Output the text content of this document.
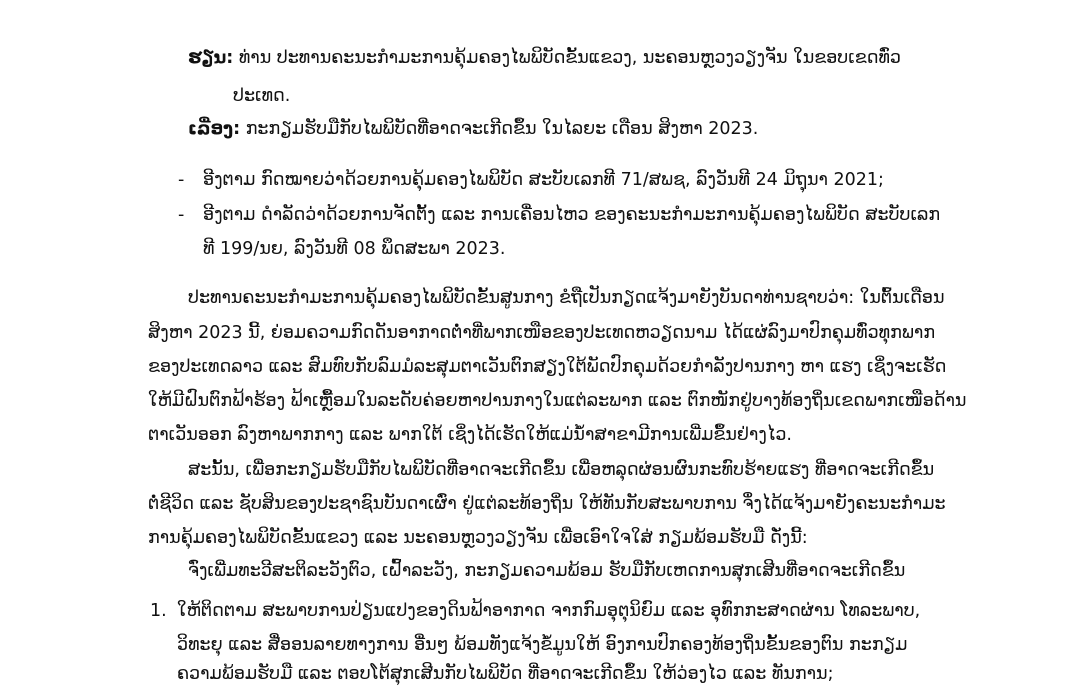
ຮຽນ: ທ່ານ ປະທານຄະນະກຳມະການຄຸ້ມຄອງໄພພິບັດຂັ້ນແຂວງ, ນະຄອນຫຼວງວຽງຈັນ ໃນຂອບເຂດທົ່ວ
ປະເທດ.
ເລື່ອງ: ກະກຽມຮັບມືກັບໄພພິບັດທີ່ອາດຈະເກີດຂຶ້ນ ໃນໄລຍະ ເດືອນ ສິງຫາ 2023.
- ອີງຕາມ ກົດໝາຍວ່າດ້ວຍການຄຸ້ມຄອງໄພພິບັດ ສະບັບເລກທີ 71/ສພຊ, ລົງວັນທີ 24 ມິຖຸນາ 2021;
- ອີງຕາມ ດຳລັດວ່າດ້ວຍການຈັດຕັ້ງ ແລະ ການເຄື່ອນໄຫວ ຂອງຄະນະກຳມະການຄຸ້ມຄອງໄພພິບັດ ສະບັບເລກ
ທີ 199/ນຍ, ລົງວັນທີ 08 ພຶດສະພາ 2023.
ປະທານຄະນະກຳມະການຄຸ້ມຄອງໄພພິບັດຂັ້ນສູນກາງ ຂໍຖືເປັນກຽດແຈ້ງມາຍັງບັນດາທ່ານຊາບວ່າ: ໃນຕົ້ນເດືອນ
ສິງຫາ 2023 ນີ້, ຍ່ອມຄວາມກົດດັນອາກາດຕໍ່າທີ່ພາກເໜືອຂອງປະເທດຫວຽດນາມ ໄດ້ແຜ່ລົງມາປົກຄຸມທົ່ວທຸກພາກ
ຂອງປະເທດລາວ ແລະ ສົມທົບກັບລົມມໍລະສຸມຕາເວັນຕົກສຽງໃຕ້ພັດປົກຄຸມດ້ວຍກຳລັງປານກາງ ຫາ ແຮງ ເຊິ່ງຈະເຮັດ
ໃຫ້ມີຝົນຕົກຟ້າຮ້ອງ ຟ້າເຫຼື້ອມໃນລະດັບຄ່ອຍຫາປານກາງໃນແຕ່ລະພາກ ແລະ ຕົກໜັກຢູ່ບາງທ້ອງຖິ່ນເຂດພາກເໜືອດ້ານ
ຕາເວັນອອກ ລົງຫາພາກກາງ ແລະ ພາກໃຕ້ ເຊິ່ງໄດ້ເຮັດໃຫ້ແມ່ນ້ຳສາຂາມີການເພີ່ມຂຶ້ນຢ່າງໄວ.
ສະນັ້ນ, ເພື່ອກະກຽມຮັບມືກັບໄພພິບັດທີ່ອາດຈະເກີດຂຶ້ນ ເພື່ອຫລຸດຜ່ອນຜົນກະທົບຮ້າຍແຮງ ທີ່ອາດຈະເກີດຂຶ້ນ
ຕໍ່ຊີວິດ ແລະ ຊັບສິນຂອງປະຊາຊົນບັນດາເຜົ່າ ຢູ່ແຕ່ລະທ້ອງຖິ່ນ ໃຫ້ທັນກັບສະພາບການ ຈຶ່ງໄດ້ແຈ້ງມາຍັງຄະນະກຳມະ
ການຄຸ້ມຄອງໄພພິບັດຂັ້ນແຂວງ ແລະ ນະຄອນຫຼວງວຽງຈັນ ເພື່ອເອົາໃຈໃສ່ ກຽມພ້ອມຮັບມື ດັ່ງນີ້:
ຈົ່ງເພີ່ມທະວີສະຕິລະວັງຕົວ, ເຝົ້າລະວັງ, ກະກຽມຄວາມພ້ອມ ຮັບມືກັບເຫດການສຸກເສີນທີ່ອາດຈະເກີດຂຶ້ນ
1. ໃຫ້ຕິດຕາມ ສະພາບການປ່ຽນແປງຂອງດິນຟ້າອາກາດ ຈາກກົມອຸຕຸນິຍົມ ແລະ ອຸທົກກະສາດຜ່ານ ໂທລະພາບ,
ວິທະຍຸ ແລະ ສື່ອອນລາຍທາງການ ອື່ນໆ ພ້ອມທັງແຈ້ງຂໍ້ມູນໃຫ້ ອົງການປົກຄອງທ້ອງຖິ່ນຂັ້ນຂອງຕົນ ກະກຽມ
ຄວາມພ້ອມຮັບມື ແລະ ຕອບໂຕ້ສຸກເສີນກັບໄພພິບັດ ທີ່ອາດຈະເກີດຂຶ້ນ ໃຫ້ວ່ອງໄວ ແລະ ທັນການ;
